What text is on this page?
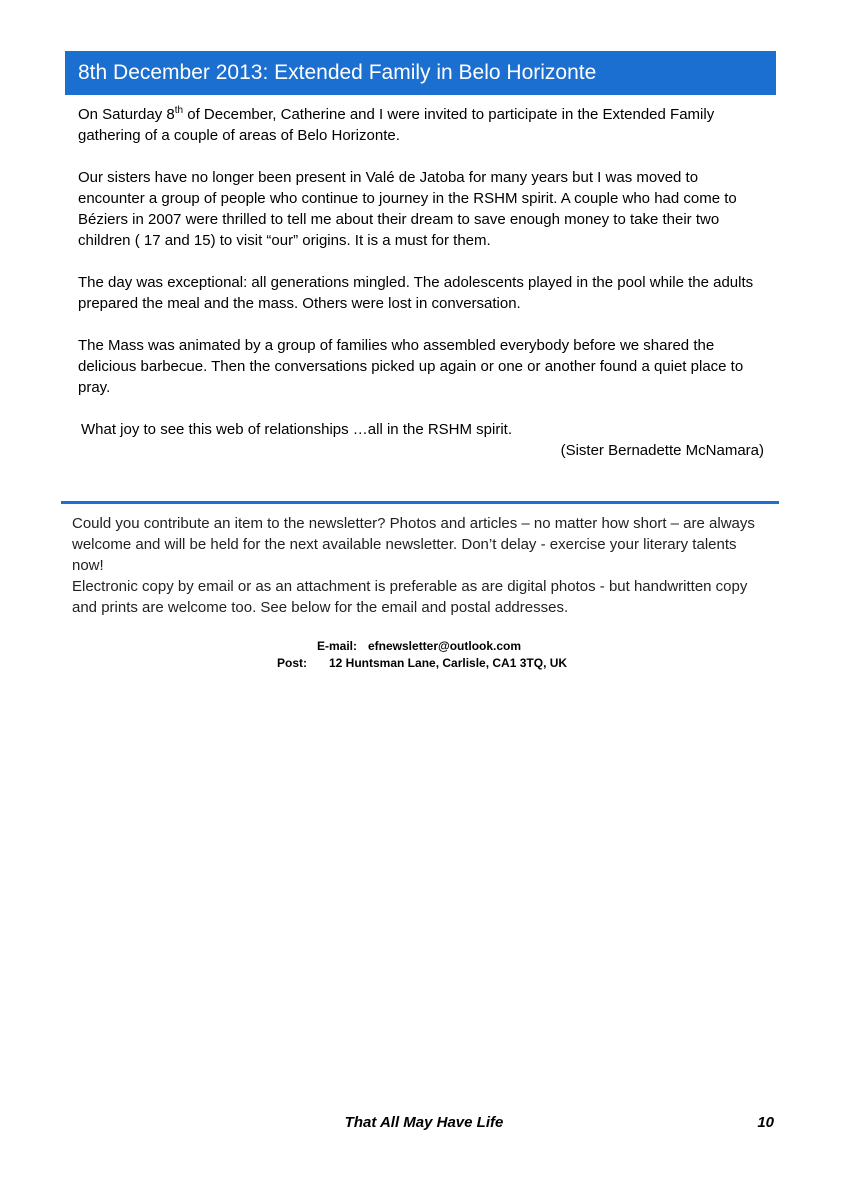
8th December 2013: Extended Family in Belo Horizonte

On Saturday 8th of December, Catherine and I were invited to participate in the Extended Family gathering of a couple of areas of Belo Horizonte.

Our sisters have no longer been present in Valé de Jatoba for many years but I was moved to encounter a group of people who continue to journey in the RSHM spirit. A couple who had come to Béziers in 2007 were thrilled to tell me about their dream to save enough money to take their two children ( 17 and 15) to visit “our” origins. It is a must for them.

The day was exceptional: all generations mingled. The adolescents played in the pool while the adults prepared the meal and the mass. Others were lost in conversation.

The Mass was animated by a group of families who assembled everybody before we shared the delicious barbecue. Then the conversations picked up again or one or another found a quiet place to pray.

What joy to see this web of relationships …all in the RSHM spirit.

(Sister Bernadette McNamara)

Could you contribute an item to the newsletter? Photos and articles – no matter how short – are always welcome and will be held for the next available newsletter. Don’t delay - exercise your literary talents now!

Electronic copy by email or as an attachment is preferable as are digital photos - but handwritten copy and prints are welcome too. See below for the email and postal addresses.

E-mail: efnewsletter@outlook.com
Post: 12 Huntsman Lane, Carlisle, CA1 3TQ, UK
That All May Have Life	10
